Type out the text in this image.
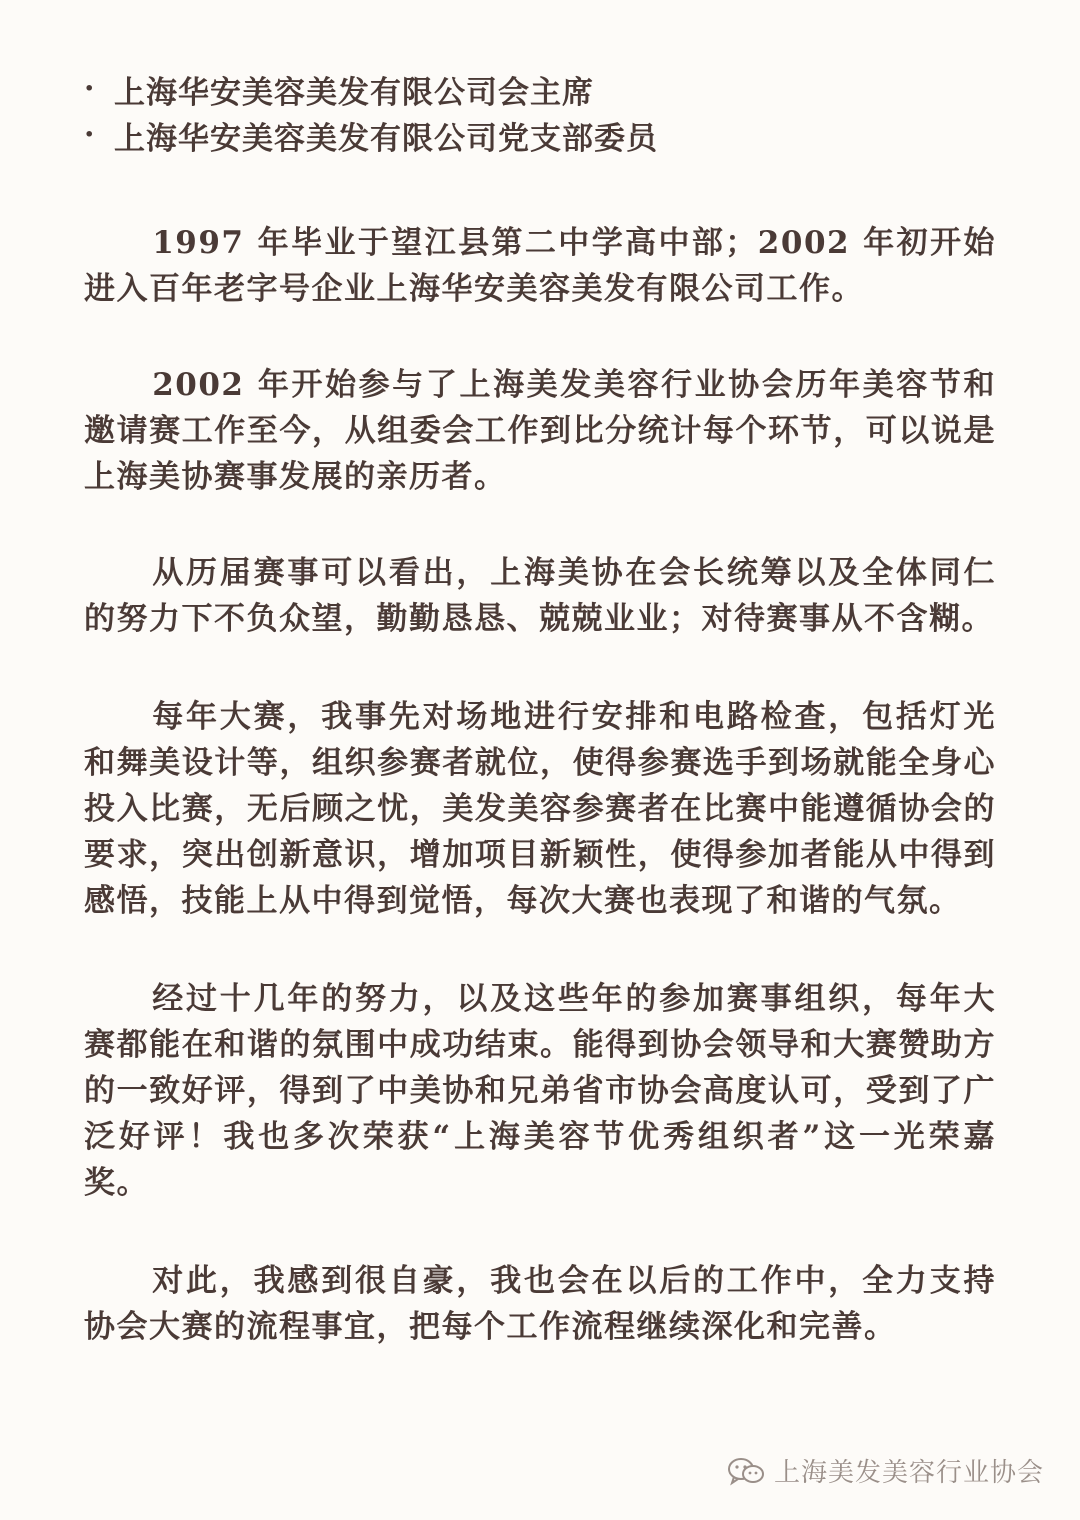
· 上海华安美容美发有限公司会主席
· 上海华安美容美发有限公司党支部委员

1997 年毕业于望江县第二中学高中部；2002 年初开始进入百年老字号企业上海华安美容美发有限公司工作。

2002 年开始参与了上海美发美容行业协会历年美容节和邀请赛工作至今，从组委会工作到比分统计每个环节，可以说是上海美协赛事发展的亲历者。

从历届赛事可以看出，上海美协在会长统筹以及全体同仁的努力下不负众望，勤勤恳恳、兢兢业业；对待赛事从不含糊。

每年大赛，我事先对场地进行安排和电路检查，包括灯光和舞美设计等，组织参赛者就位，使得参赛选手到场就能全身心投入比赛，无后顾之忧，美发美容参赛者在比赛中能遵循协会的要求，突出创新意识，增加项目新颖性，使得参加者能从中得到感悟，技能上从中得到觉悟，每次大赛也表现了和谐的气氛。

经过十几年的努力，以及这些年的参加赛事组织，每年大赛都能在和谐的氛围中成功结束。能得到协会领导和大赛赞助方的一致好评，得到了中美协和兄弟省市协会高度认可，受到了广泛好评！我也多次荣获“上海美容节优秀组织者”这一光荣嘉奖。

对此，我感到很自豪，我也会在以后的工作中，全力支持协会大赛的流程事宜，把每个工作流程继续深化和完善。

上海美发美容行业协会
